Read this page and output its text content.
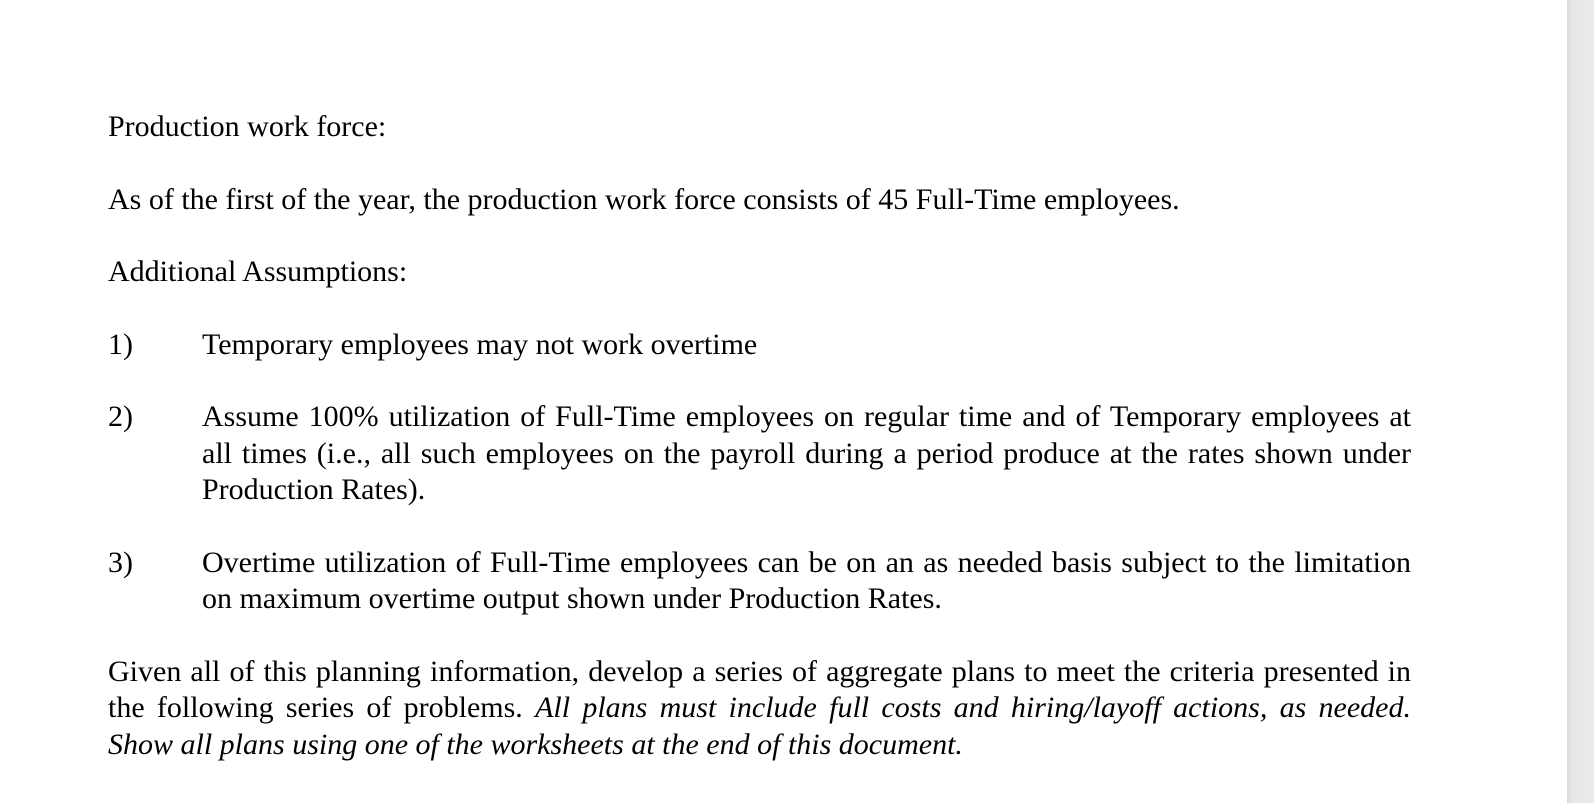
Production work force:

As of the first of the year, the production work force consists of 45 Full-Time employees.

Additional Assumptions:

1)	Temporary employees may not work overtime
2)	Assume 100% utilization of Full-Time employees on regular time and of Temporary employees at all times (i.e., all such employees on the payroll during a period produce at the rates shown under Production Rates).
3)	Overtime utilization of Full-Time employees can be on an as needed basis subject to the limitation on maximum overtime output shown under Production Rates.

Given all of this planning information, develop a series of aggregate plans to meet the criteria presented in the following series of problems. All plans must include full costs and hiring/layoff actions, as needed. Show all plans using one of the worksheets at the end of this document.
